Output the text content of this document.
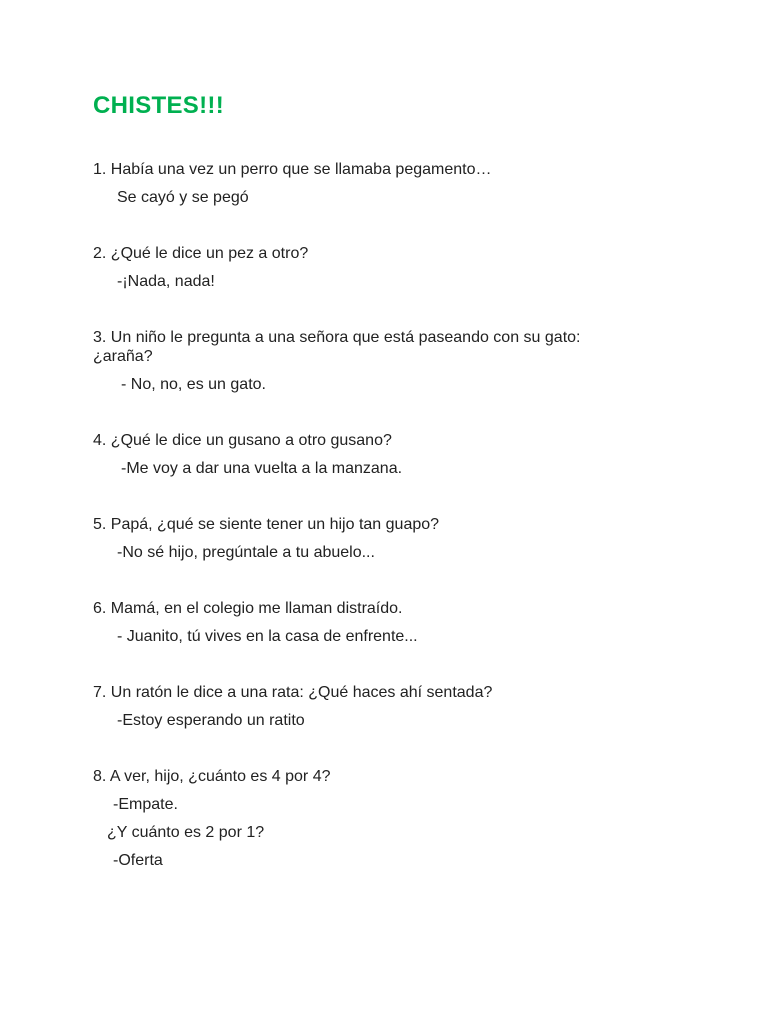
CHISTES!!!

1. Había una vez un perro que se llamaba pegamento…

Se cayó y se pegó

2. ¿Qué le dice un pez a otro?

-¡Nada, nada!

3. Un niño le pregunta a una señora que está paseando con su gato:

¿araña?

- No, no, es un gato.

4. ¿Qué le dice un gusano a otro gusano?

-Me voy a dar una vuelta a la manzana.

5. Papá, ¿qué se siente tener un hijo tan guapo?

-No sé hijo, pregúntale a tu abuelo...

6. Mamá, en el colegio me llaman distraído.

- Juanito, tú vives en la casa de enfrente...

7. Un ratón le dice a una rata: ¿Qué haces ahí sentada?

-Estoy esperando un ratito

8. A ver, hijo, ¿cuánto es 4 por 4?

-Empate.

¿Y cuánto es 2 por 1?

-Oferta
